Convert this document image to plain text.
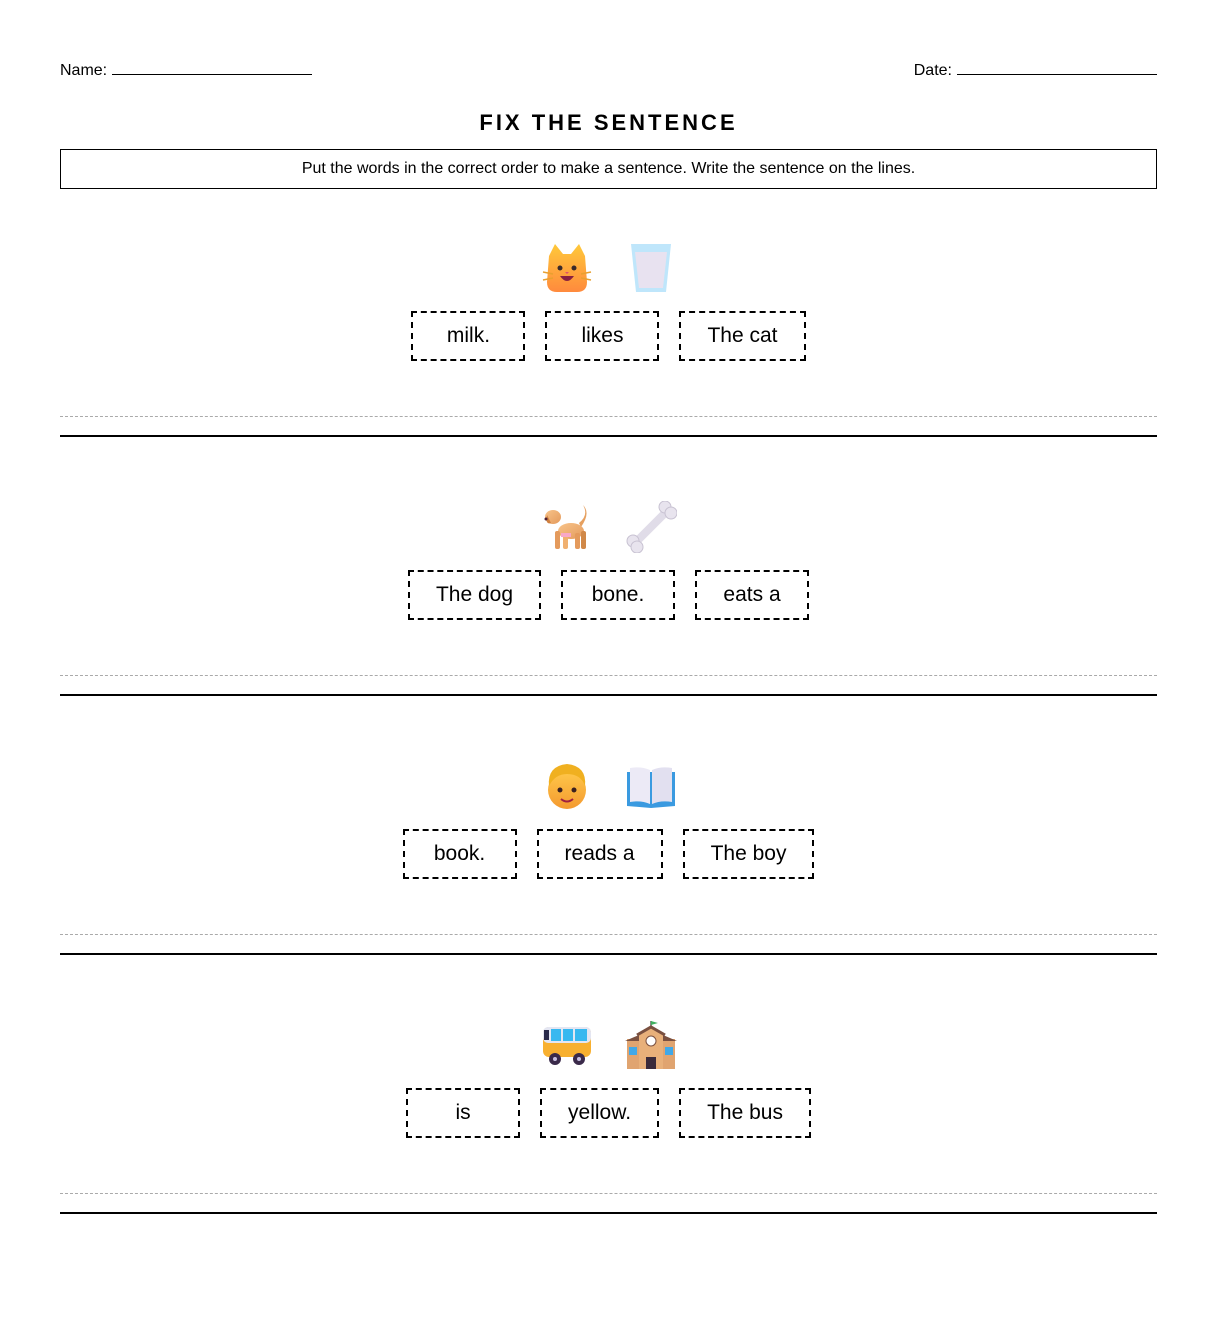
Name:	Date:
FIX THE SENTENCE
Put the words in the correct order to make a sentence. Write the sentence on the lines.
milk.	likes	The cat
The dog	bone.	eats a
book.	reads a	The boy
is	yellow.	The bus
